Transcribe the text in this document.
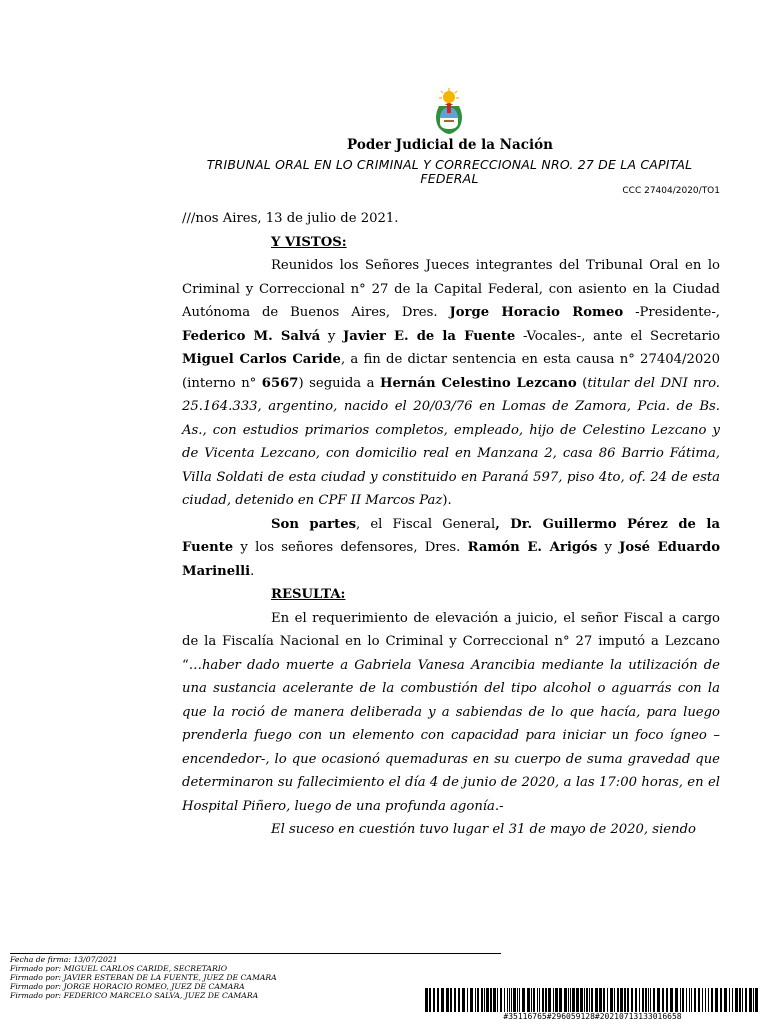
Poder Judicial de la Nación
TRIBUNAL ORAL EN LO CRIMINAL Y CORRECCIONAL NRO. 27 DE LA CAPITAL FEDERAL
CCC 27404/2020/TO1

///nos Aires, 13 de julio de 2021.

Y VISTOS:

Reunidos los Señores Jueces integrantes del Tribunal Oral en lo Criminal y Correccional n° 27 de la Capital Federal, con asiento en la Ciudad Autónoma de Buenos Aires, Dres. Jorge Horacio Romeo -Presidente-, Federico M. Salvá y Javier E. de la Fuente -Vocales-, ante el Secretario Miguel Carlos Caride, a fin de dictar sentencia en esta causa n° 27404/2020 (interno n° 6567) seguida a Hernán Celestino Lezcano (titular del DNI nro. 25.164.333, argentino, nacido el 20/03/76 en Lomas de Zamora, Pcia. de Bs. As., con estudios primarios completos, empleado, hijo de Celestino Lezcano y de Vicenta Lezcano, con domicilio real en Manzana 2, casa 86 Barrio Fátima, Villa Soldati de esta ciudad y constituido en Paraná 597, piso 4to, of. 24 de esta ciudad, detenido en CPF II Marcos Paz).

Son partes, el Fiscal General, Dr. Guillermo Pérez de la Fuente y los señores defensores, Dres. Ramón E. Arigós y José Eduardo Marinelli.

RESULTA:

En el requerimiento de elevación a juicio, el señor Fiscal a cargo de la Fiscalía Nacional en lo Criminal y Correccional n° 27 imputó a Lezcano “…haber dado muerte a Gabriela Vanesa Arancibia mediante la utilización de una sustancia acelerante de la combustión del tipo alcohol o aguarrás con la que la roció de manera deliberada y a sabiendas de lo que hacía, para luego prenderla fuego con un elemento con capacidad para iniciar un foco ígneo –encendedor-, lo que ocasionó quemaduras en su cuerpo de suma gravedad que determinaron su fallecimiento el día 4 de junio de 2020, a las 17:00 horas, en el Hospital Piñero, luego de una profunda agonía.-

El suceso en cuestión tuvo lugar el 31 de mayo de 2020, siendo

Fecha de firma: 13/07/2021
Firmado por: MIGUEL CARLOS CARIDE, SECRETARIO
Firmado por: JAVIER ESTEBAN DE LA FUENTE, JUEZ DE CAMARA
Firmado por: JORGE HORACIO ROMEO, JUEZ DE CAMARA
Firmado por: FEDERICO MARCELO SALVA, JUEZ DE CAMARA
#35116765#296059128#20210713133016658
